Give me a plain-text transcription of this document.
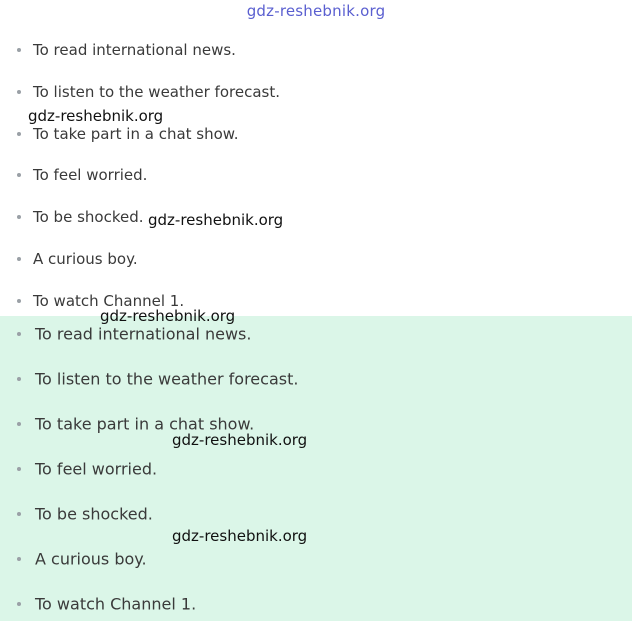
gdz-reshebnik.org
To read international news.
To listen to the weather forecast.
To take part in a chat show.
To feel worried.
To be shocked.
A curious boy.
To watch Channel 1.
To read international news.
To listen to the weather forecast.
To take part in a chat show.
To feel worried.
To be shocked.
A curious boy.
To watch Channel 1.
gdz-reshebnik.org
gdz-reshebnik.org
gdz-reshebnik.org
gdz-reshebnik.org
gdz-reshebnik.org
